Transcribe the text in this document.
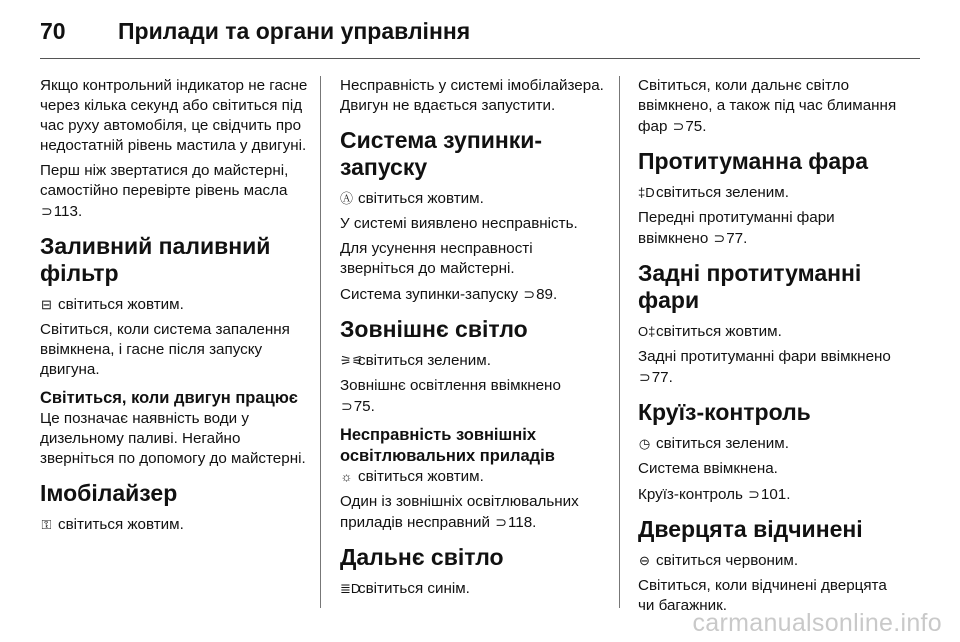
70 Прилади та органи управління

Якщо контрольний індикатор не гасне через кілька секунд або світиться під час руху автомобіля, це свідчить про недостатній рівень мастила у двигуні.

Перш ніж звертатися до майстерні, самостійно перевірте рівень масла ⊃113.

Заливний паливний фільтр

⊟ світиться жовтим.

Світиться, коли система запалення ввімкнена, і гасне після запуску двигуна.

Світиться, коли двигун працює

Це позначає наявність води у дизельному паливі. Негайно зверніться по допомогу до майстерні.

Імобілайзер

⚿ світиться жовтим.

Несправність у системі імобілайзера. Двигун не вдається запустити.

Система зупинки-запуску

Ⓐ світиться жовтим.

У системі виявлено несправність.

Для усунення несправності зверніться до майстерні.

Система зупинки-запуску ⊃89.

Зовнішнє світло

⚞⚟світиться зеленим.

Зовнішнє освітлення ввімкнено
⊃75.

Несправність зовнішніх освітлювальних приладів

☼ світиться жовтим.

Один із зовнішніх освітлювальних приладів несправний ⊃118.

Дальнє світло

≣Dсвітиться синім.

Світиться, коли дальнє світло ввімкнено, а також під час блимання фар ⊃75.

Протитуманна фара

‡Dсвітиться зеленим.

Передні протитуманні фари ввімкнено ⊃77.

Задні протитуманні фари

O‡світиться жовтим.

Задні протитуманні фари ввімкнено ⊃77.

Круїз-контроль

◷ світиться зеленим.

Система ввімкнена.

Круїз-контроль ⊃101.

Дверцята відчинені

⊖ світиться червоним.

Світиться, коли відчинені дверцята чи багажник.

carmanualsonline.info
